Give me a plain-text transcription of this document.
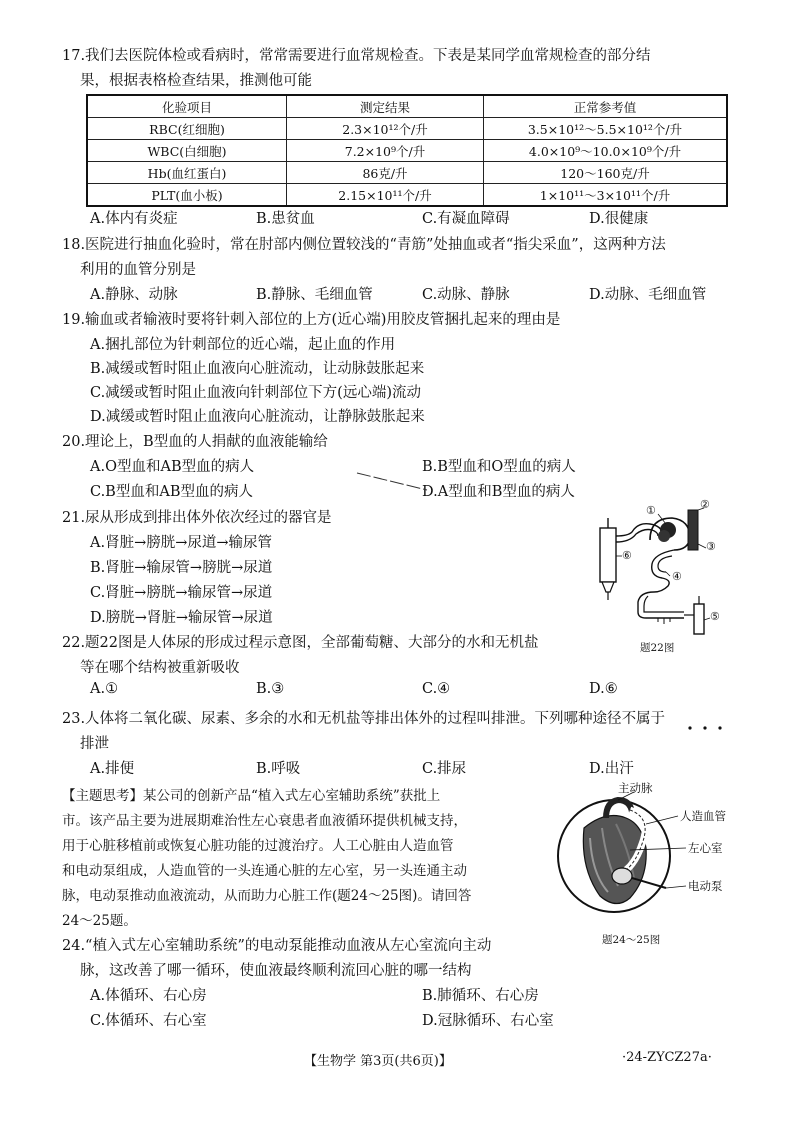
17.我们去医院体检或看病时，常常需要进行血常规检查。下表是某同学血常规检查的部分结
果，根据表格检查结果，推测他可能
化验项目	测定结果	正常参考值
RBC(红细胞)	2.3×10¹²个/升	3.5×10¹²～5.5×10¹²个/升
WBC(白细胞)	7.2×10⁹个/升	4.0×10⁹～10.0×10⁹个/升
Hb(血红蛋白)	86克/升	120～160克/升
PLT(血小板)	2.15×10¹¹个/升	1×10¹¹～3×10¹¹个/升
A.体内有炎症	B.患贫血	C.有凝血障碍	D.很健康
18.医院进行抽血化验时，常在肘部内侧位置较浅的“青筋”处抽血或者“指尖采血”，这两种方法
利用的血管分别是
A.静脉、动脉	B.静脉、毛细血管	C.动脉、静脉	D.动脉、毛细血管
19.输血或者输液时要将针刺入部位的上方(近心端)用胶皮管捆扎起来的理由是
A.捆扎部位为针刺部位的近心端，起止血的作用
B.减缓或暂时阻止血液向心脏流动，让动脉鼓胀起来
C.减缓或暂时阻止血液向针刺部位下方(远心端)流动
D.减缓或暂时阻止血液向心脏流动，让静脉鼓胀起来
20.理论上，B型血的人捐献的血液能输给
A.O型血和AB型血的病人	B.B型血和O型血的病人
C.B型血和AB型血的病人	D.A型血和B型血的病人
21.尿从形成到排出体外依次经过的器官是
A.肾脏→膀胱→尿道→输尿管
B.肾脏→输尿管→膀胱→尿道
C.肾脏→膀胱→输尿管→尿道
D.膀胱→肾脏→输尿管→尿道
①	②
③
④
⑤
⑥
题22图
22.题22图是人体尿的形成过程示意图，全部葡萄糖、大部分的水和无机盐
等在哪个结构被重新吸收
A.①	B.③	C.④	D.⑥
23.人体将二氧化碳、尿素、多余的水和无机盐等排出体外的过程叫排泄。下列哪种途径不属于
排泄
A.排便	B.呼吸	C.排尿	D.出汗
【主题思考】某公司的创新产品“植入式左心室辅助系统”获批上
市。该产品主要为进展期难治性左心衰患者血液循环提供机械支持，
用于心脏移植前或恢复心脏功能的过渡治疗。人工心脏由人造血管
和电动泵组成，人造血管的一头连通心脏的左心室，另一头连通主动
脉，电动泵推动血液流动，从而助力心脏工作(题24～25图)。请回答
24～25题。
主动脉
人造血管
左心室
电动泵
题24～25图
24.“植入式左心室辅助系统”的电动泵能推动血液从左心室流向主动
脉，这改善了哪一循环，使血液最终顺利流回心脏的哪一结构
A.体循环、右心房	B.肺循环、右心房
C.体循环、右心室	D.冠脉循环、右心室
【生物学 第3页(共6页)】	·24-ZYCZ27a·
